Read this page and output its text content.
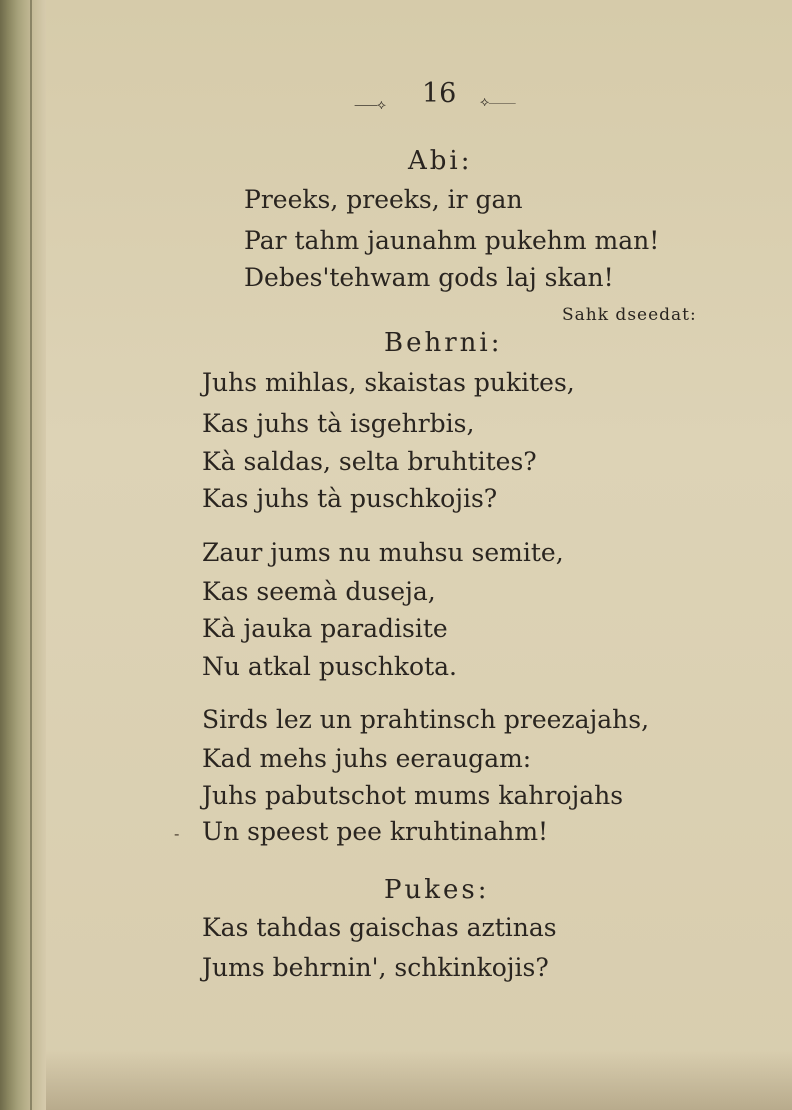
⸺⟡ 16 ⟡⸺
Abi:
Preeks, preeks, ir gan
Par tahm jaunahm pukehm man!
Debes'tehwam gods laj skan!
Sahk dseedat:
Behrni:
Juhs mihlas, skaistas pukites,
Kas juhs tà isgehrbis,
Kà saldas, selta bruhtites?
Kas juhs tà puschkojis?
Zaur jums nu muhsu semite,
Kas seemà duseja,
Kà jauka paradisite
Nu atkal puschkota.
Sirds lez un prahtinsch preezajahs,
Kad mehs juhs eeraugam:
Juhs pabutschot mums kahrojahs
Un speest pee kruhtinahm!
Pukes:
Kas tahdas gaischas aztinas
Jums behrnin', schkinkojis?
-
